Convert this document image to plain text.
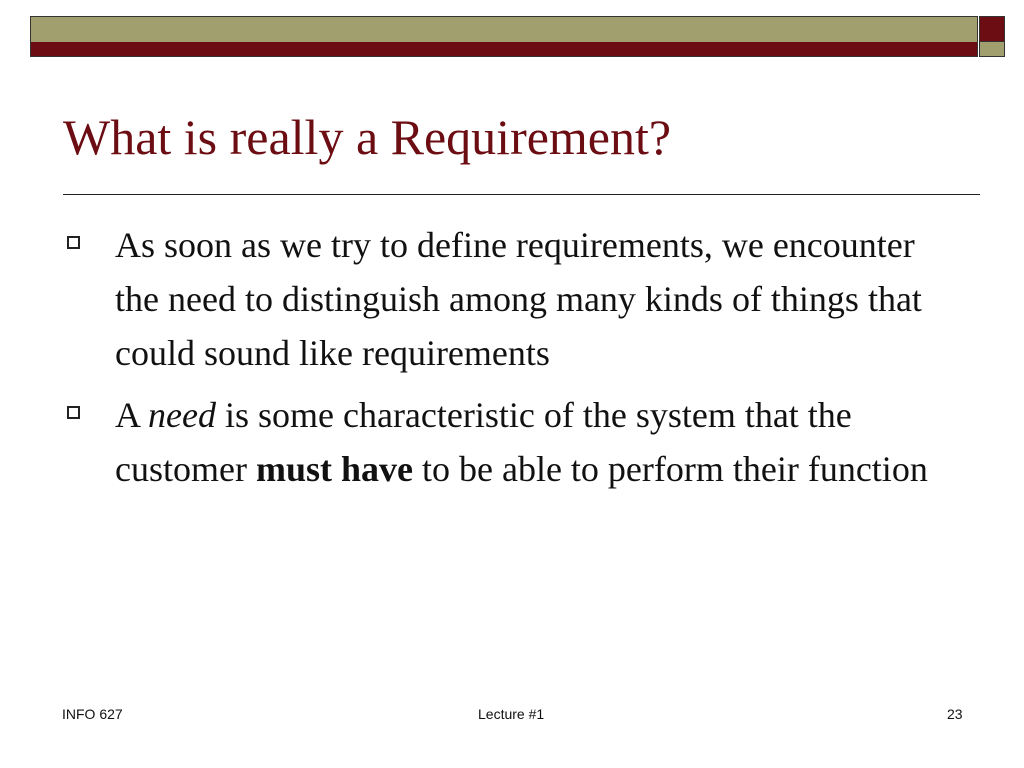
What is really a Requirement?
As soon as we try to define requirements, we encounter the need to distinguish among many kinds of things that could sound like requirements
A need is some characteristic of the system that the customer must have to be able to perform their function
INFO 627	Lecture #1	23
